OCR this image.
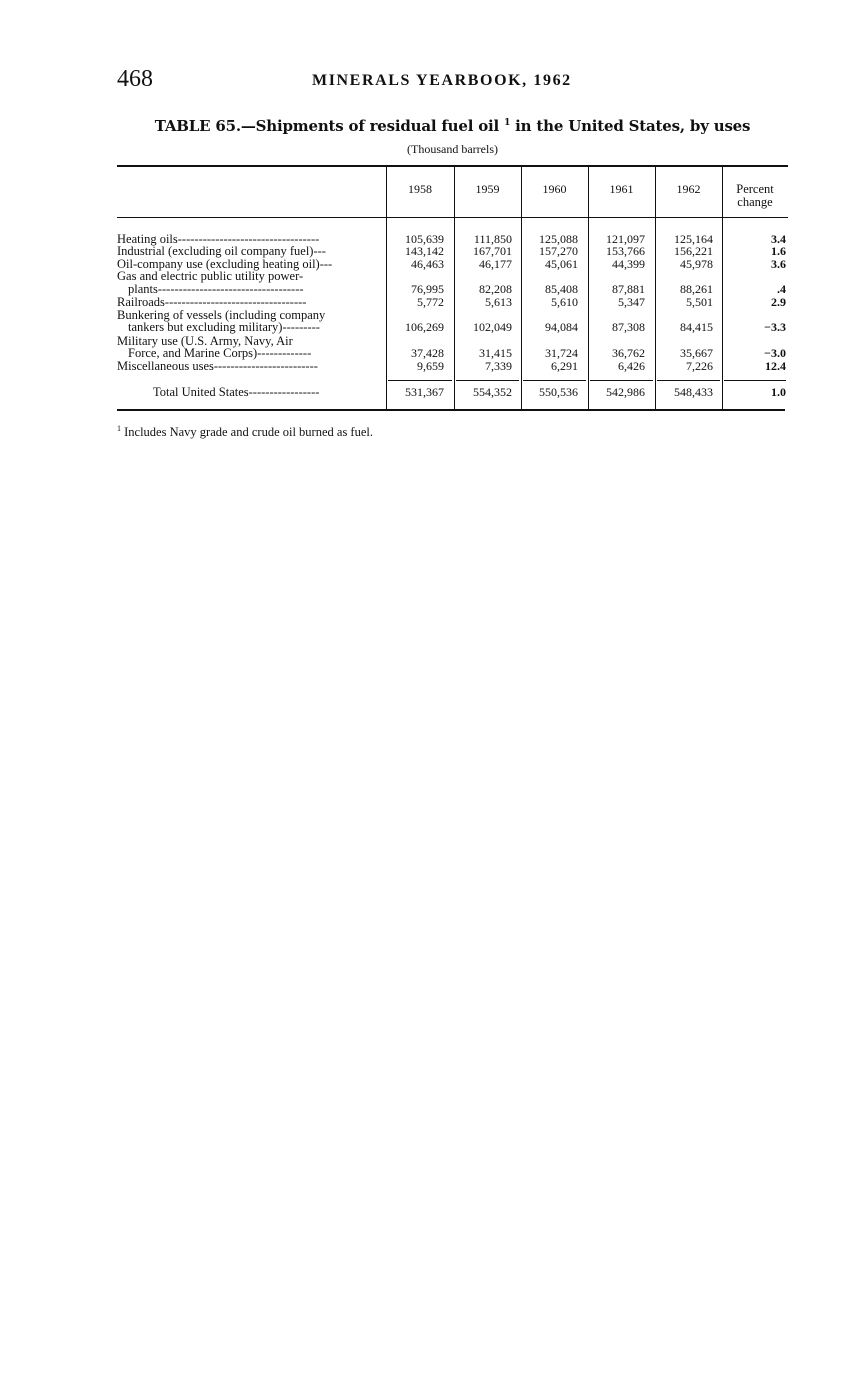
468	MINERALS YEARBOOK, 1962
TABLE 65.—Shipments of residual fuel oil $^1$ in the United States, by uses
(Thousand barrels)
1958	1959	1960	1961	1962	Percent
change
Heating oils----------------------------------	105,639 111,850 125,088 121,097 125,164	3.4
Industrial (excluding oil company fuel)---	143,142 167,701 157,270 153,766 156,221	1.6
Oil-company use (excluding heating oil)---	46,463	46,177	45,061	44,399	45,978	3.6
Gas and electric public utility power-
plants-----------------------------------	76,995	82,208	85,408	87,881	88,261	.4
Railroads----------------------------------	5,772	5,613	5,610	5,347	5,501	2.9
Bunkering of vessels (including company
tankers but excluding military)---------	106,269 102,049	94,084	87,308	84,415	−3.3
Military use (U.S. Army, Navy, Air
Force, and Marine Corps)-------------	37,428	31,415	31,724	36,762	35,667	−3.0
Miscellaneous uses-------------------------	9,659	7,339	6,291	6,426	7,226	12.4
Total United States-----------------	531,367 554,352 550,536 542,986 548,433	1.0
$^1$ Includes Navy grade and crude oil burned as fuel.
